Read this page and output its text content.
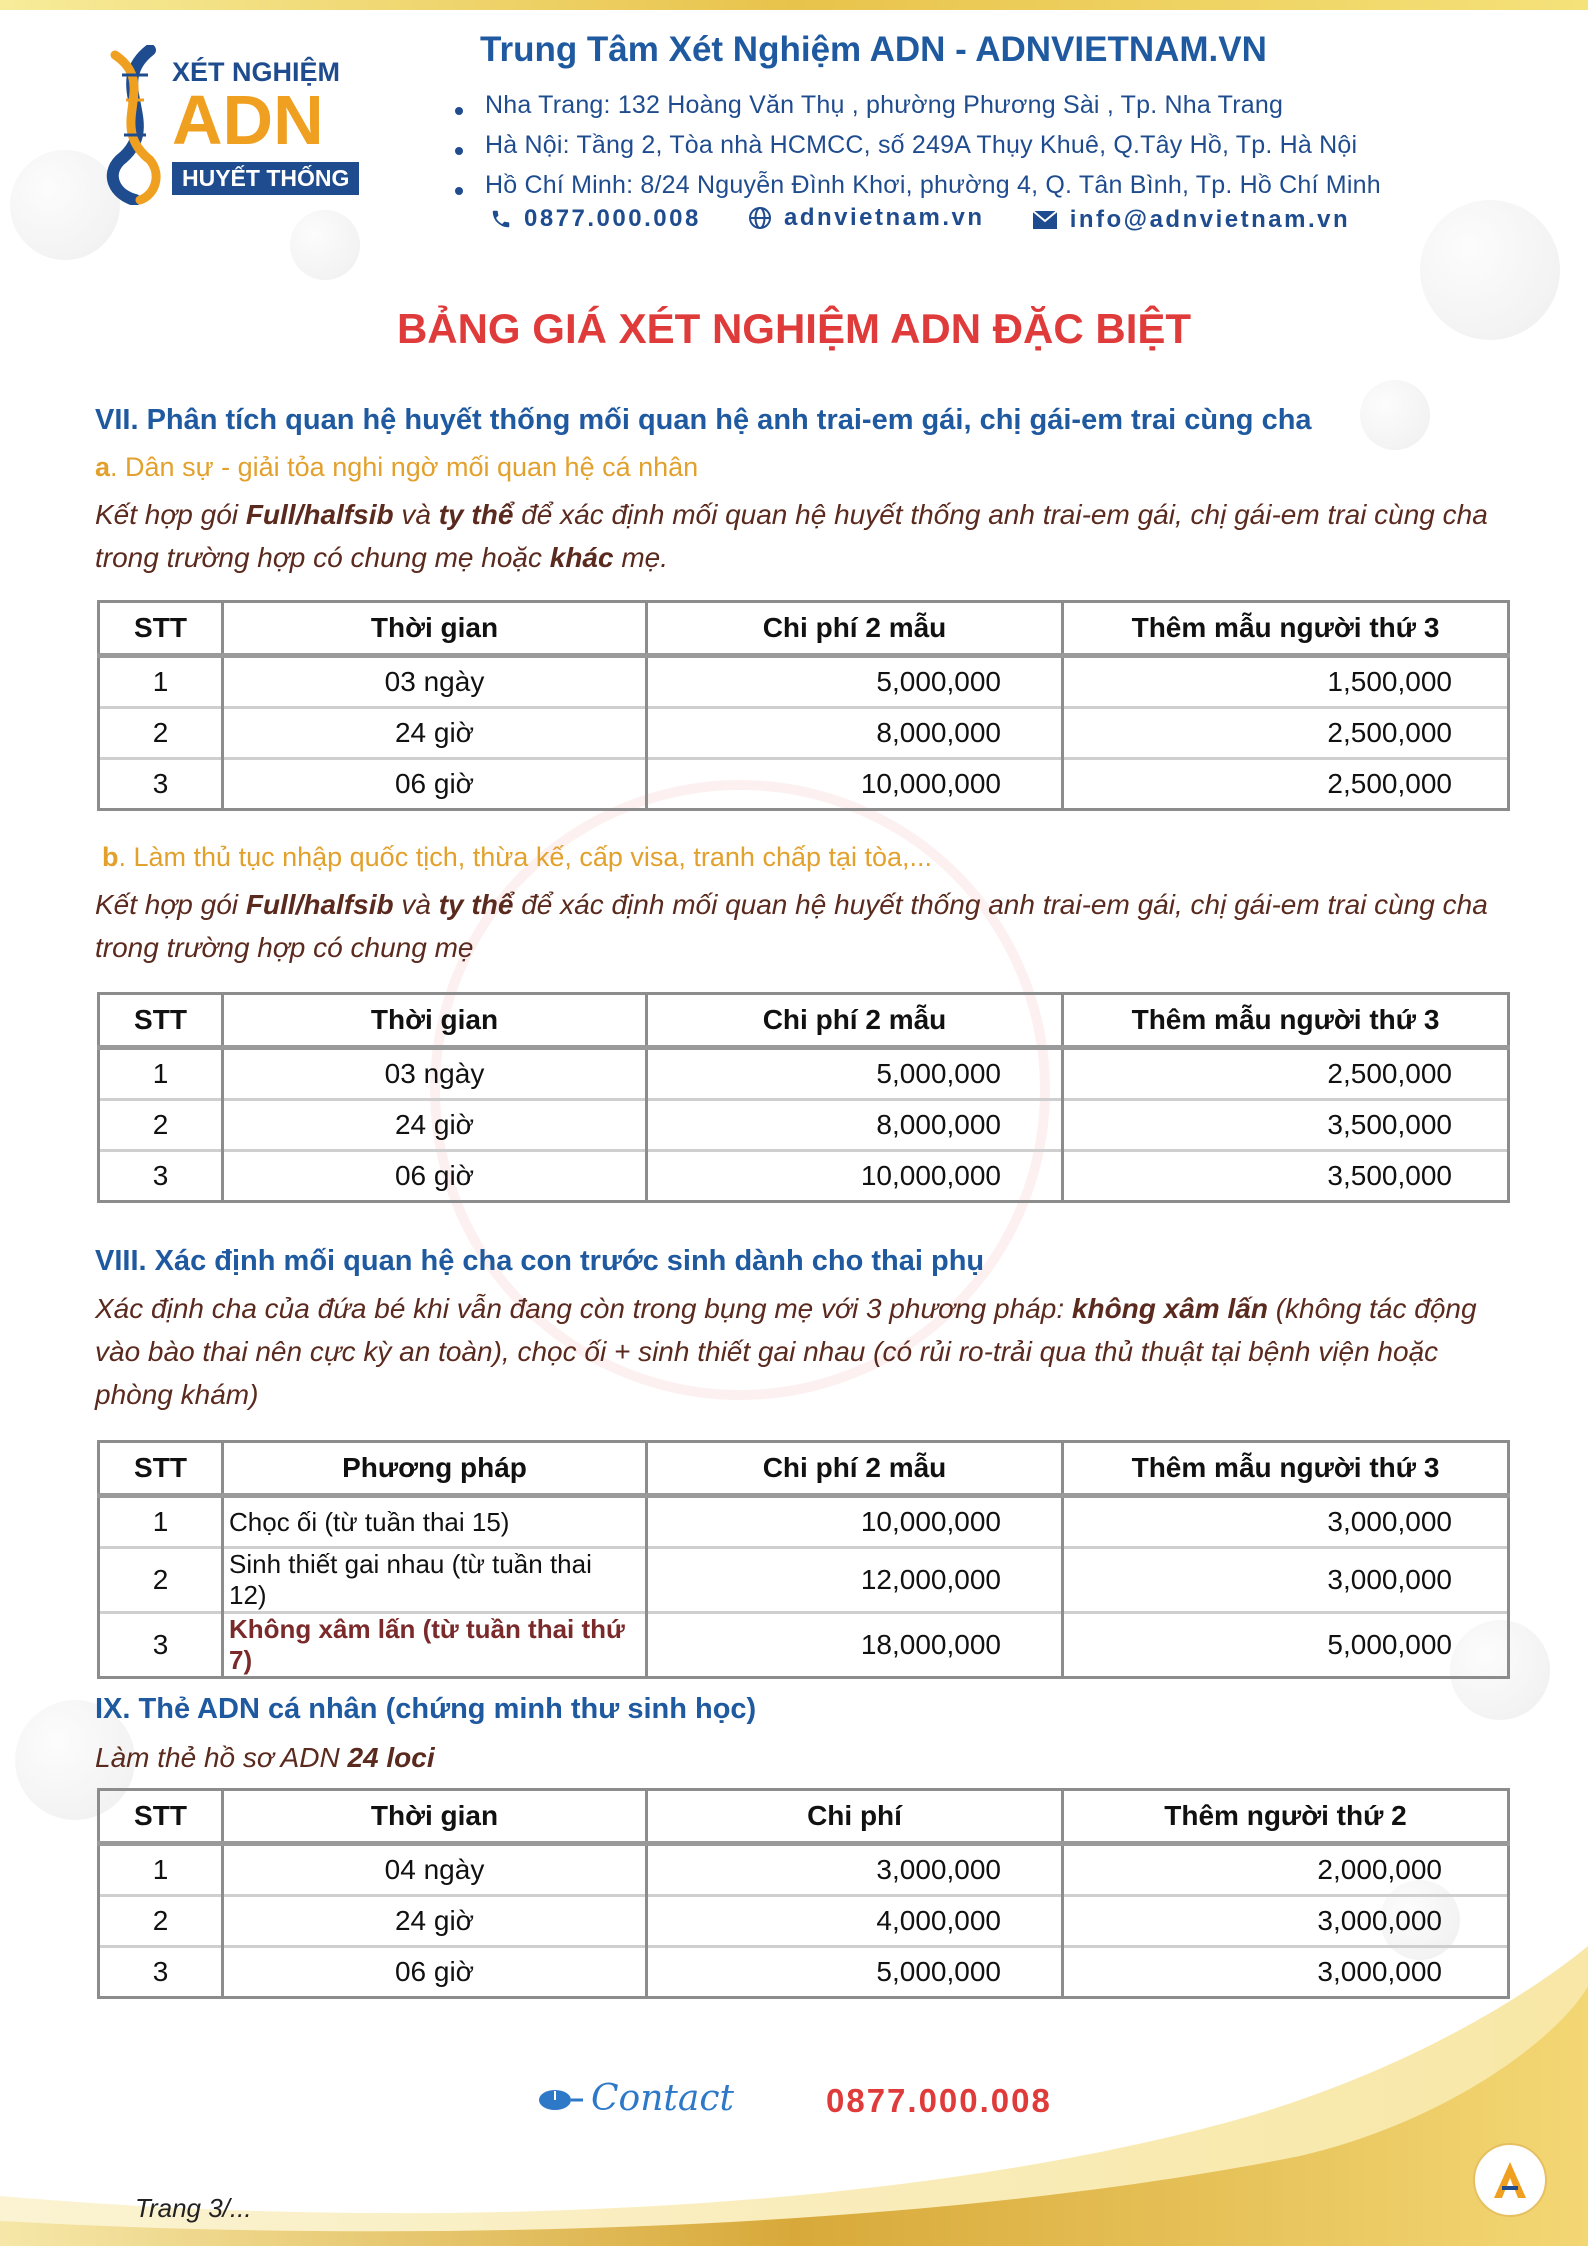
XÉT NGHIỆM
ADN
HUYẾT THỐNG
Trung Tâm Xét Nghiệm ADN - ADNVIETNAM.VN
Nha Trang: 132 Hoàng Văn Thụ , phường Phương Sài , Tp. Nha Trang
Hà Nội: Tầng 2, Tòa nhà HCMCC, số 249A Thụy Khuê, Q.Tây Hồ, Tp. Hà Nội
Hồ Chí Minh: 8/24 Nguyễn Đình Khơi, phường 4, Q. Tân Bình, Tp. Hồ Chí Minh
0877.000.008
	adnvietnam.vn
	info@adnvietnam.vn
BẢNG GIÁ XÉT NGHIỆM ADN ĐẶC BIỆT
VII. Phân tích quan hệ huyết thống mối quan hệ anh trai-em gái, chị gái-em trai cùng cha
a. Dân sự - giải tỏa nghi ngờ mối quan hệ cá nhân
Kết hợp gói Full/halfsib và ty thể để xác định mối quan hệ huyết thống anh trai-em gái, chị gái-em trai cùng cha trong trường hợp có chung mẹ hoặc khác mẹ.
STT	Thời gian	Chi phí 2 mẫu	Thêm mẫu người thứ 3
1	03 ngày	5,000,000	1,500,000
2	24 giờ	8,000,000	2,500,000
3	06 giờ	10,000,000	2,500,000
b. Làm thủ tục nhập quốc tịch, thừa kế, cấp visa, tranh chấp tại tòa,...
Kết hợp gói Full/halfsib và ty thể để xác định mối quan hệ huyết thống anh trai-em gái, chị gái-em trai cùng cha trong trường hợp có chung mẹ
STT	Thời gian	Chi phí 2 mẫu	Thêm mẫu người thứ 3
1	03 ngày	5,000,000	2,500,000
2	24 giờ	8,000,000	3,500,000
3	06 giờ	10,000,000	3,500,000
VIII. Xác định mối quan hệ cha con trước sinh dành cho thai phụ
Xác định cha của đứa bé khi vẫn đang còn trong bụng mẹ với 3 phương pháp: không xâm lấn (không tác động vào bào thai nên cực kỳ an toàn), chọc ối + sinh thiết gai nhau (có rủi ro-trải qua thủ thuật tại bệnh viện hoặc phòng khám)
STT	Phương pháp	Chi phí 2 mẫu	Thêm mẫu người thứ 3
1	Chọc ối (từ tuần thai 15)	10,000,000	3,000,000
2	Sinh thiết gai nhau (từ tuần thai 12)	12,000,000	3,000,000
3	Không xâm lấn (từ tuần thai thứ 7)	18,000,000	5,000,000
IX. Thẻ ADN cá nhân (chứng minh thư sinh học)
Làm thẻ hồ sơ ADN 24 loci
STT	Thời gian	Chi phí	Thêm người thứ 2
1	04 ngày	3,000,000	2,000,000
2	24 giờ	4,000,000	3,000,000
3	06 giờ	5,000,000	3,000,000
Contact	0877.000.008
Trang 3/...
